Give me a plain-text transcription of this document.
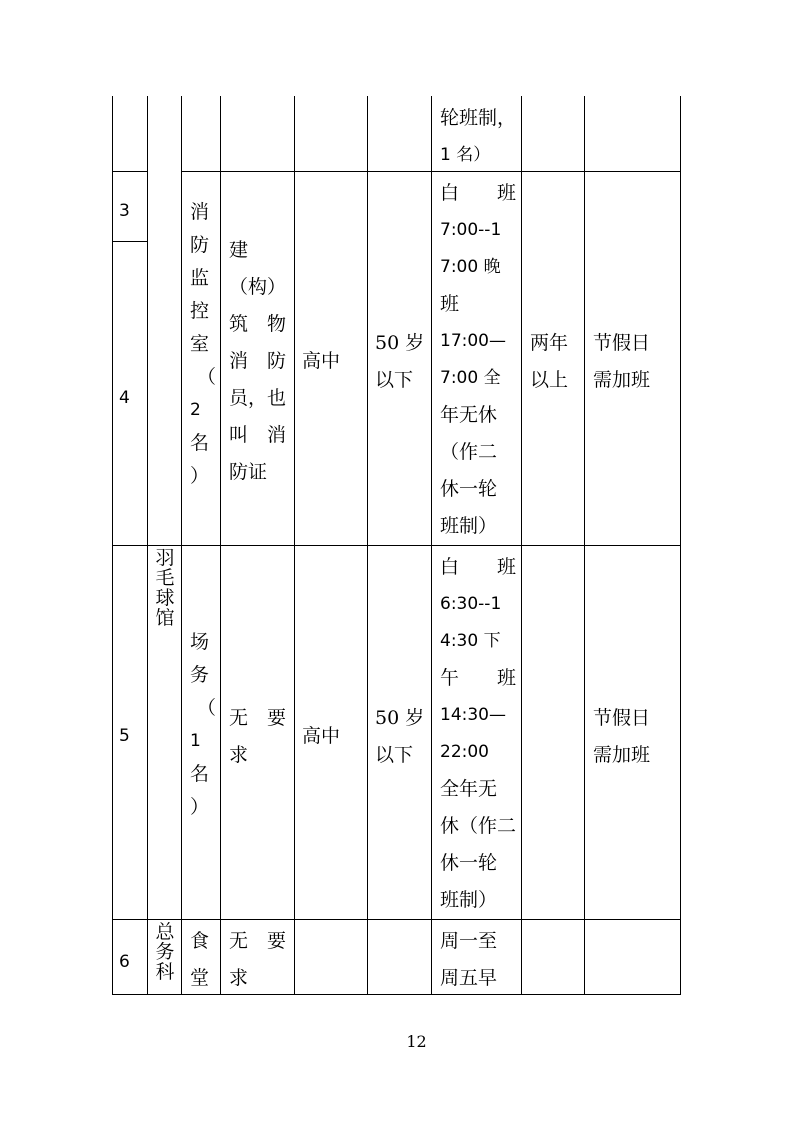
轮班制，
1 名）
3
4
消
防
监
控
室
（
2
名
）
建
（构）
筑　物
消　防
员，也
叫　消
防证
高中
50 岁
以下
白　　班
7:00--1
7:00 晚
班
17:00—
7:00 全
年无休
（作二
休一轮
班制）
两年
以上
节假日
需加班
5
羽
毛
球
馆
场
务
（
1
名
）
无　要
求
高中
50 岁
以下
白　　班
6:30--1
4:30 下
午　　班
14:30—
22:00
全年无
休（作二
休一轮
班制）
节假日
需加班
6
总
务
科
食
堂
无　要
求
周一至
周五早
12
